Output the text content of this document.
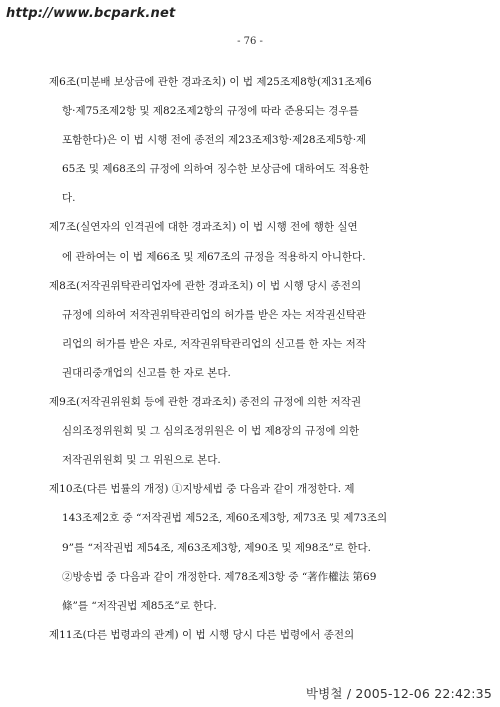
http://www.bcpark.net
- 76 -
제6조(미분배 보상금에 관한 경과조치) 이 법 제25조제8항(제31조제6
항·제75조제2항 및 제82조제2항의 규정에 따라 준용되는 경우를
포함한다)은 이 법 시행 전에 종전의 제23조제3항·제28조제5항·제
65조 및 제68조의 규정에 의하여 징수한 보상금에 대하여도 적용한
다.
제7조(실연자의 인격권에 대한 경과조치) 이 법 시행 전에 행한 실연
에 관하여는 이 법 제66조 및 제67조의 규정을 적용하지 아니한다.
제8조(저작권위탁관리업자에 관한 경과조치) 이 법 시행 당시 종전의
규정에 의하여 저작권위탁관리업의 허가를 받은 자는 저작권신탁관
리업의 허가를 받은 자로, 저작권위탁관리업의 신고를 한 자는 저작
권대리중개업의 신고를 한 자로 본다.
제9조(저작권위원회 등에 관한 경과조치) 종전의 규정에 의한 저작권
심의조정위원회 및 그 심의조정위원은 이 법 제8장의 규정에 의한
저작권위원회 및 그 위원으로 본다.
제10조(다른 법률의 개정) ①지방세법 중 다음과 같이 개정한다. 제
143조제2호 중 “저작권법 제52조, 제60조제3항, 제73조 및 제73조의
9”를 “저작권법 제54조, 제63조제3항, 제90조 및 제98조”로 한다.
②방송법 중 다음과 같이 개정한다. 제78조제3항 중 “著作權法 第69
條”를 “저작권법 제85조”로 한다.
제11조(다른 법령과의 관계) 이 법 시행 당시 다른 법령에서 종전의
박병철 / 2005-12-06 22:42:35
